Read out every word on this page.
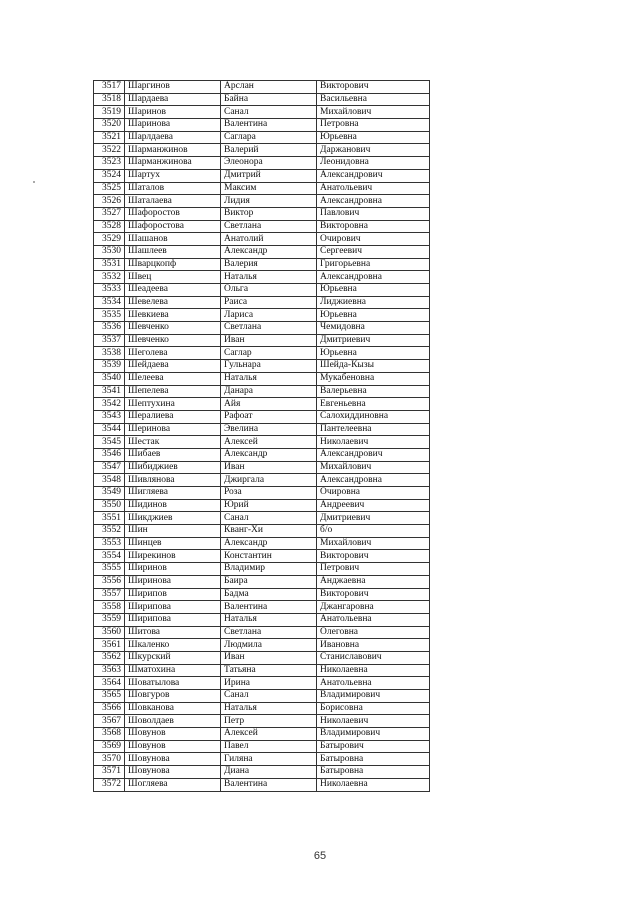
3517	Шаргинов	Арслан	Викторович
3518	Шардаева	Байна	Васильевна
3519	Шаринов	Санал	Михайлович
3520	Шаринова	Валентина	Петровна
3521	Шарлдаева	Саглара	Юрьевна
3522	Шарманжинов	Валерий	Даржанович
3523	Шарманжинова	Элеонора	Леонидовна
3524	Шартух	Дмитрий	Александрович
3525	Шаталов	Максим	Анатольевич
3526	Шаталаева	Лидия	Александровна
3527	Шафоростов	Виктор	Павлович
3528	Шафоростова	Светлана	Викторовна
3529	Шашанов	Анатолий	Очирович
3530	Шашлеев	Александр	Сергеевич
3531	Шварцкопф	Валерия	Григорьевна
3532	Швец	Наталья	Александровна
3533	Шеадеева	Ольга	Юрьевна
3534	Шевелева	Раиса	Лиджиевна
3535	Шевкиева	Лариса	Юрьевна
3536	Шевченко	Светлана	Чемидовна
3537	Шевченко	Иван	Дмитриевич
3538	Шеголева	Саглар	Юрьевна
3539	Шейдаева	Гульнара	Шейда-Кызы
3540	Шелеева	Наталья	Мукабеновна
3541	Шепелева	Данара	Валерьевна
3542	Шептухина	Айя	Евгеньевна
3543	Шералиева	Рафоат	Салохиддиновна
3544	Шеринова	Эвелина	Пантелеевна
3545	Шестак	Алексей	Николаевич
3546	Шибаев	Александр	Александрович
3547	Шибиджиев	Иван	Михайлович
3548	Шивлянова	Джиргала	Александровна
3549	Шигляева	Роза	Очировна
3550	Шидинов	Юрий	Андреевич
3551	Шикджиев	Санал	Дмитриевич
3552	Шин	Кванг-Хи	б/о
3553	Шинцев	Александр	Михайлович
3554	Ширекинов	Константин	Викторович
3555	Ширинов	Владимир	Петрович
3556	Ширинова	Баира	Анджаевна
3557	Ширипов	Бадма	Викторович
3558	Ширипова	Валентина	Джангаровна
3559	Ширипова	Наталья	Анатольевна
3560	Шитова	Светлана	Олеговна
3561	Шкаленко	Людмила	Ивановна
3562	Шкурский	Иван	Станиславович
3563	Шматохина	Татьяна	Николаевна
3564	Шоватылова	Ирина	Анатольевна
3565	Шовгуров	Санал	Владимирович
3566	Шовканова	Наталья	Борисовна
3567	Шоволдаев	Петр	Николаевич
3568	Шовунов	Алексей	Владимирович
3569	Шовунов	Павел	Батырович
3570	Шовунова	Гиляна	Батыровна
3571	Шовунова	Диана	Батыровна
3572	Шогляева	Валентина	Николаевна
65
